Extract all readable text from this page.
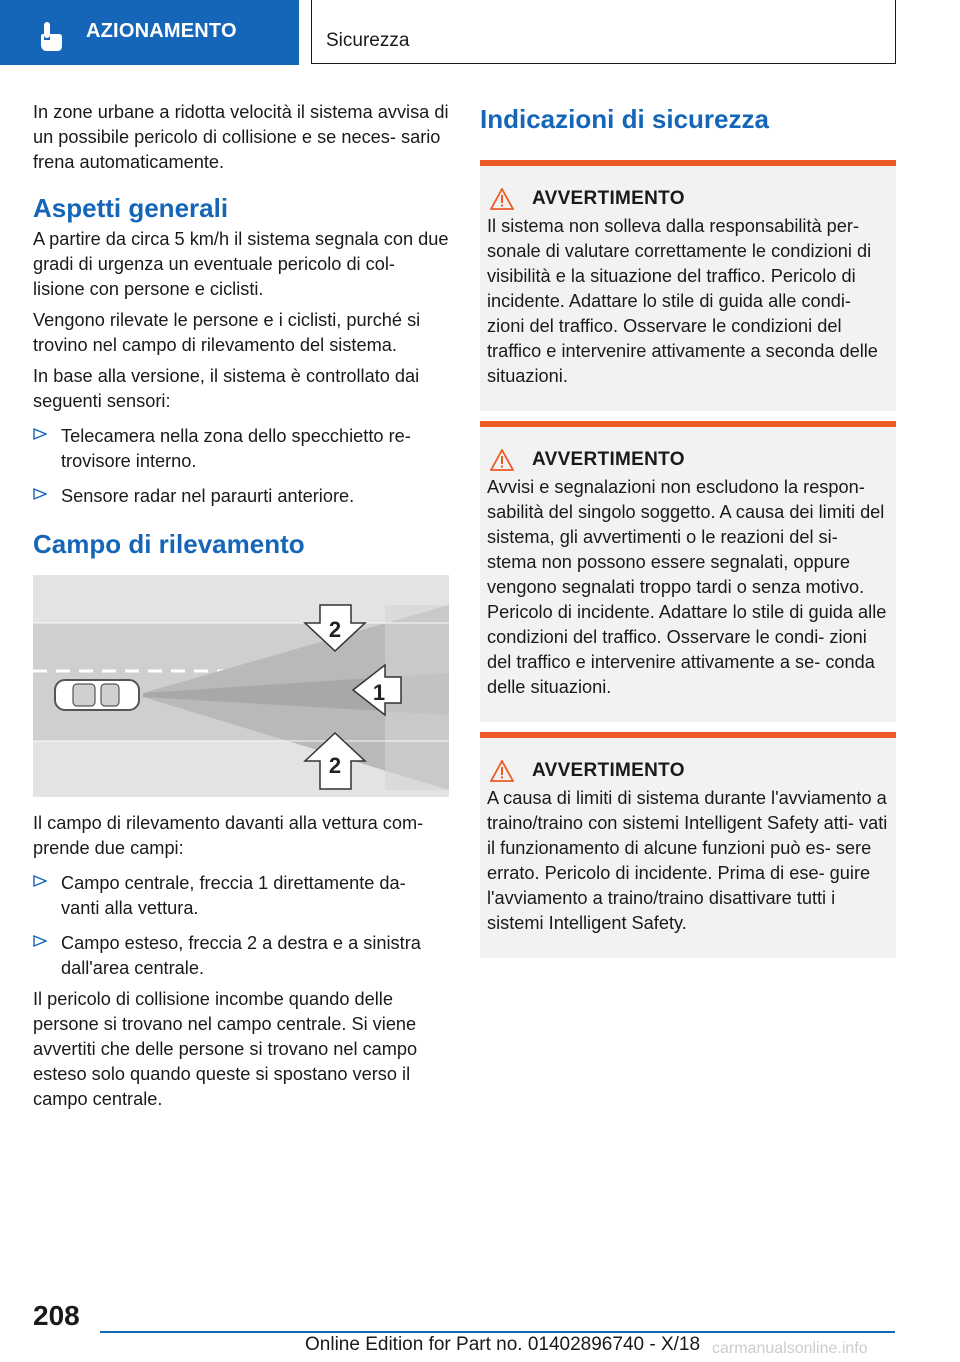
AZIONAMENTO	Sicurezza

In zone urbane a ridotta velocità il sistema avvisa di un possibile pericolo di collisione e se neces- sario frena automaticamente.

Aspetti generali

A partire da circa 5 km/h il sistema segnala con due gradi di urgenza un eventuale pericolo di col- lisione con persone e ciclisti.

Vengono rilevate le persone e i ciclisti, purché si trovino nel campo di rilevamento del sistema.

In base alla versione, il sistema è controllato dai seguenti sensori:

Telecamera nella zona dello specchietto re- trovisore interno.
Sensore radar nel paraurti anteriore.
Campo di rilevamento
2
1
2

Il campo di rilevamento davanti alla vettura com- prende due campi:

Campo centrale, freccia 1 direttamente da- vanti alla vettura.
Campo esteso, freccia 2 a destra e a sinistra dall'area centrale.

Il pericolo di collisione incombe quando delle persone si trovano nel campo centrale. Si viene avvertiti che delle persone si trovano nel campo esteso solo quando queste si spostano verso il campo centrale.

Indicazioni di sicurezza
AVVERTIMENTO

Il sistema non solleva dalla responsabilità per- sonale di valutare correttamente le condizioni di visibilità e la situazione del traffico. Pericolo di incidente. Adattare lo stile di guida alle condi- zioni del traffico. Osservare le condizioni del traffico e intervenire attivamente a seconda delle situazioni.

AVVERTIMENTO

Avvisi e segnalazioni non escludono la respon- sabilità del singolo soggetto. A causa dei limiti del sistema, gli avvertimenti o le reazioni del si- stema non possono essere segnalati, oppure vengono segnalati troppo tardi o senza motivo. Pericolo di incidente. Adattare lo stile di guida alle condizioni del traffico. Osservare le condi- zioni del traffico e intervenire attivamente a se- conda delle situazioni.

AVVERTIMENTO

A causa di limiti di sistema durante l'avviamento a traino/traino con sistemi Intelligent Safety atti- vati il funzionamento di alcune funzioni può es- sere errato. Pericolo di incidente. Prima di ese- guire l'avviamento a traino/traino disattivare tutti i sistemi Intelligent Safety.

208
Online Edition for Part no. 01402896740 - X/18 carmanualsonline.info
